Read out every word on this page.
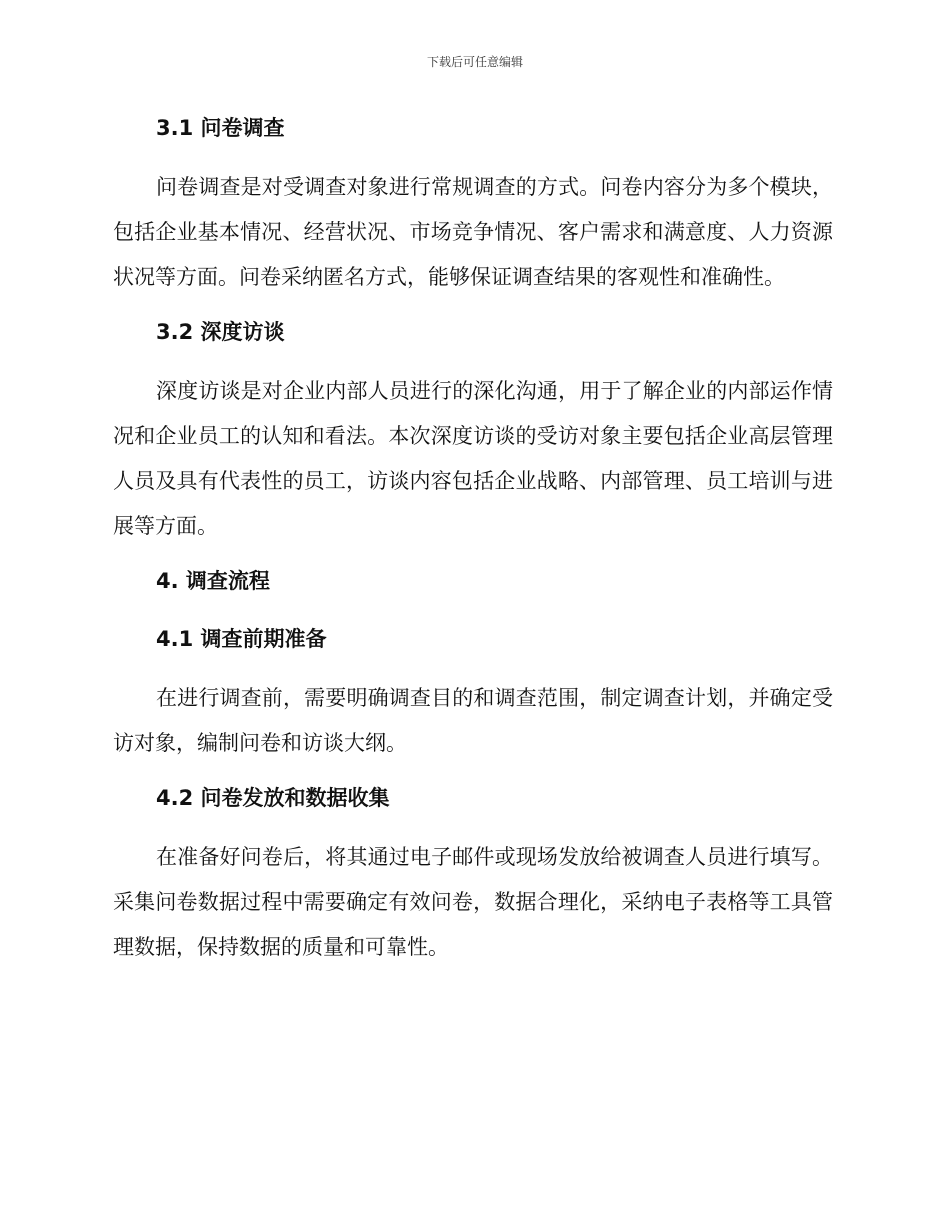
下载后可任意编辑
3.1 问卷调查

问卷调查是对受调查对象进行常规调查的方式。问卷内容分为多个模块，包括企业基本情况、经营状况、市场竞争情况、客户需求和满意度、人力资源状况等方面。问卷采纳匿名方式，能够保证调查结果的客观性和准确性。

3.2 深度访谈

深度访谈是对企业内部人员进行的深化沟通，用于了解企业的内部运作情况和企业员工的认知和看法。本次深度访谈的受访对象主要包括企业高层管理人员及具有代表性的员工，访谈内容包括企业战略、内部管理、员工培训与进展等方面。

4. 调查流程
4.1 调查前期准备

在进行调查前，需要明确调查目的和调查范围，制定调查计划，并确定受访对象，编制问卷和访谈大纲。

4.2 问卷发放和数据收集

在准备好问卷后，将其通过电子邮件或现场发放给被调查人员进行填写。采集问卷数据过程中需要确定有效问卷，数据合理化，采纳电子表格等工具管理数据，保持数据的质量和可靠性。
